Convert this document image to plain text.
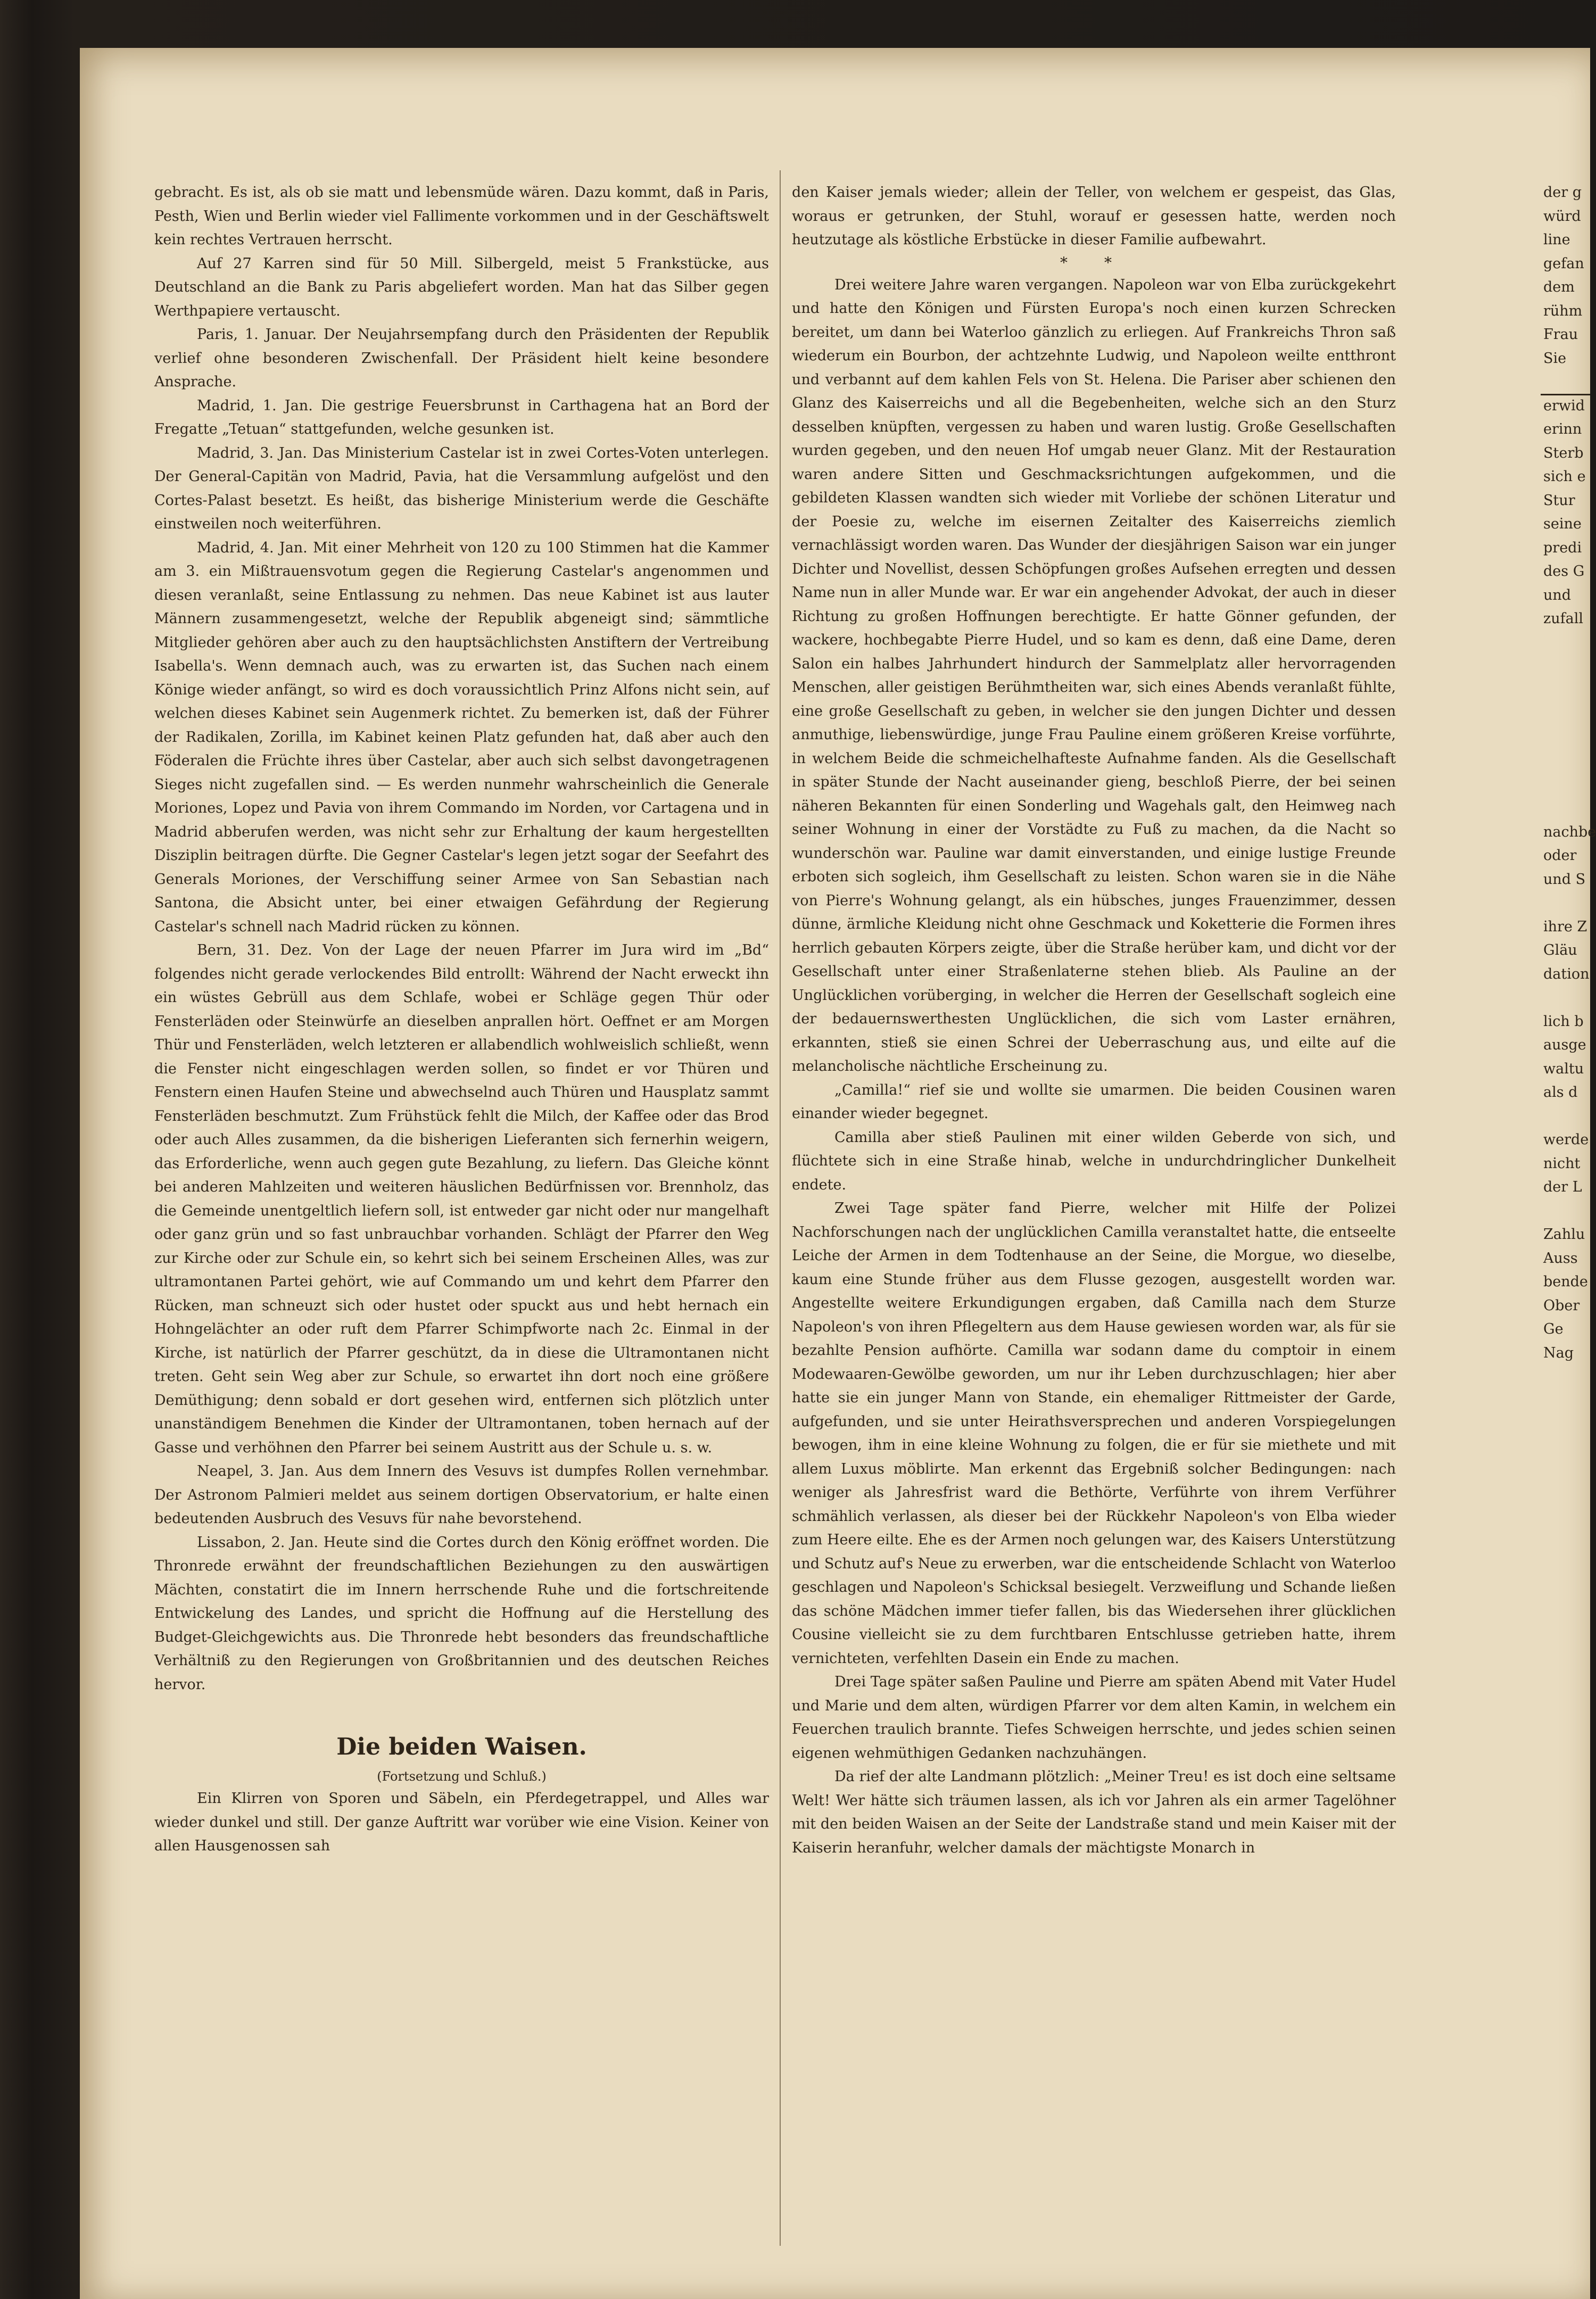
gebracht. Es ist, als ob sie matt und lebensmüde wären. Dazu kommt, daß in Paris, Pesth, Wien und Berlin wieder viel Fallimente vorkommen und in der Geschäftswelt kein rechtes Vertrauen herrscht.

Auf 27 Karren sind für 50 Mill. Silbergeld, meist 5 Frankstücke, aus Deutschland an die Bank zu Paris abgeliefert worden. Man hat das Silber gegen Werthpapiere vertauscht.

Paris, 1. Januar. Der Neujahrsempfang durch den Präsidenten der Republik verlief ohne besonderen Zwischenfall. Der Präsident hielt keine besondere Ansprache.

Madrid, 1. Jan. Die gestrige Feuersbrunst in Carthagena hat an Bord der Fregatte „Tetuan“ stattgefunden, welche gesunken ist.

Madrid, 3. Jan. Das Ministerium Castelar ist in zwei Cortes-Voten unterlegen. Der General-Capitän von Madrid, Pavia, hat die Versammlung aufgelöst und den Cortes-Palast besetzt. Es heißt, das bisherige Ministerium werde die Geschäfte einstweilen noch weiterführen.

Madrid, 4. Jan. Mit einer Mehrheit von 120 zu 100 Stimmen hat die Kammer am 3. ein Mißtrauensvotum gegen die Regierung Castelar's angenommen und diesen veranlaßt, seine Entlassung zu nehmen. Das neue Kabinet ist aus lauter Männern zusammengesetzt, welche der Republik abgeneigt sind; sämmtliche Mitglieder gehören aber auch zu den hauptsächlichsten Anstiftern der Vertreibung Isabella's. Wenn demnach auch, was zu erwarten ist, das Suchen nach einem Könige wieder anfängt, so wird es doch voraussichtlich Prinz Alfons nicht sein, auf welchen dieses Kabinet sein Augenmerk richtet. Zu bemerken ist, daß der Führer der Radikalen, Zorilla, im Kabinet keinen Platz gefunden hat, daß aber auch den Föderalen die Früchte ihres über Castelar, aber auch sich selbst davongetragenen Sieges nicht zugefallen sind. — Es werden nunmehr wahrscheinlich die Generale Moriones, Lopez und Pavia von ihrem Commando im Norden, vor Cartagena und in Madrid abberufen werden, was nicht sehr zur Erhaltung der kaum hergestellten Disziplin beitragen dürfte. Die Gegner Castelar's legen jetzt sogar der Seefahrt des Generals Moriones, der Verschiffung seiner Armee von San Sebastian nach Santona, die Absicht unter, bei einer etwaigen Gefährdung der Regierung Castelar's schnell nach Madrid rücken zu können.

Bern, 31. Dez. Von der Lage der neuen Pfarrer im Jura wird im „Bd“ folgendes nicht gerade verlockendes Bild entrollt: Während der Nacht erweckt ihn ein wüstes Gebrüll aus dem Schlafe, wobei er Schläge gegen Thür oder Fensterläden oder Steinwürfe an dieselben anprallen hört. Oeffnet er am Morgen Thür und Fensterläden, welch letzteren er allabendlich wohlweislich schließt, wenn die Fenster nicht eingeschlagen werden sollen, so findet er vor Thüren und Fenstern einen Haufen Steine und abwechselnd auch Thüren und Hausplatz sammt Fensterläden beschmutzt. Zum Frühstück fehlt die Milch, der Kaffee oder das Brod oder auch Alles zusammen, da die bisherigen Lieferanten sich fernerhin weigern, das Erforderliche, wenn auch gegen gute Bezahlung, zu liefern. Das Gleiche könnt bei anderen Mahlzeiten und weiteren häuslichen Bedürfnissen vor. Brennholz, das die Gemeinde unentgeltlich liefern soll, ist entweder gar nicht oder nur mangelhaft oder ganz grün und so fast unbrauchbar vorhanden. Schlägt der Pfarrer den Weg zur Kirche oder zur Schule ein, so kehrt sich bei seinem Erscheinen Alles, was zur ultramontanen Partei gehört, wie auf Commando um und kehrt dem Pfarrer den Rücken, man schneuzt sich oder hustet oder spuckt aus und hebt hernach ein Hohngelächter an oder ruft dem Pfarrer Schimpfworte nach 2c. Einmal in der Kirche, ist natürlich der Pfarrer geschützt, da in diese die Ultramontanen nicht treten. Geht sein Weg aber zur Schule, so erwartet ihn dort noch eine größere Demüthigung; denn sobald er dort gesehen wird, entfernen sich plötzlich unter unanständigem Benehmen die Kinder der Ultramontanen, toben hernach auf der Gasse und verhöhnen den Pfarrer bei seinem Austritt aus der Schule u. s. w.

Neapel, 3. Jan. Aus dem Innern des Vesuvs ist dumpfes Rollen vernehmbar. Der Astronom Palmieri meldet aus seinem dortigen Observatorium, er halte einen bedeutenden Ausbruch des Vesuvs für nahe bevorstehend.

Lissabon, 2. Jan. Heute sind die Cortes durch den König eröffnet worden. Die Thronrede erwähnt der freundschaftlichen Beziehungen zu den auswärtigen Mächten, constatirt die im Innern herrschende Ruhe und die fortschreitende Entwickelung des Landes, und spricht die Hoffnung auf die Herstellung des Budget-Gleichgewichts aus. Die Thronrede hebt besonders das freundschaftliche Verhältniß zu den Regierungen von Großbritannien und des deutschen Reiches hervor.

Die beiden Waisen.
(Fortsetzung und Schluß.)

Ein Klirren von Sporen und Säbeln, ein Pferdegetrappel, und Alles war wieder dunkel und still. Der ganze Auftritt war vorüber wie eine Vision. Keiner von allen Hausgenossen sah

den Kaiser jemals wieder; allein der Teller, von welchem er gespeist, das Glas, woraus er getrunken, der Stuhl, worauf er gesessen hatte, werden noch heutzutage als köstliche Erbstücke in dieser Familie aufbewahrt.

* *

Drei weitere Jahre waren vergangen. Napoleon war von Elba zurückgekehrt und hatte den Königen und Fürsten Europa's noch einen kurzen Schrecken bereitet, um dann bei Waterloo gänzlich zu erliegen. Auf Frankreichs Thron saß wiederum ein Bourbon, der achtzehnte Ludwig, und Napoleon weilte entthront und verbannt auf dem kahlen Fels von St. Helena. Die Pariser aber schienen den Glanz des Kaiserreichs und all die Begebenheiten, welche sich an den Sturz desselben knüpften, vergessen zu haben und waren lustig. Große Gesellschaften wurden gegeben, und den neuen Hof umgab neuer Glanz. Mit der Restauration waren andere Sitten und Geschmacksrichtungen aufgekommen, und die gebildeten Klassen wandten sich wieder mit Vorliebe der schönen Literatur und der Poesie zu, welche im eisernen Zeitalter des Kaiserreichs ziemlich vernachlässigt worden waren. Das Wunder der diesjährigen Saison war ein junger Dichter und Novellist, dessen Schöpfungen großes Aufsehen erregten und dessen Name nun in aller Munde war. Er war ein angehender Advokat, der auch in dieser Richtung zu großen Hoffnungen berechtigte. Er hatte Gönner gefunden, der wackere, hochbegabte Pierre Hudel, und so kam es denn, daß eine Dame, deren Salon ein halbes Jahrhundert hindurch der Sammelplatz aller hervorragenden Menschen, aller geistigen Berühmtheiten war, sich eines Abends veranlaßt fühlte, eine große Gesellschaft zu geben, in welcher sie den jungen Dichter und dessen anmuthige, liebenswürdige, junge Frau Pauline einem größeren Kreise vorführte, in welchem Beide die schmeichelhafteste Aufnahme fanden. Als die Gesellschaft in später Stunde der Nacht auseinander gieng, beschloß Pierre, der bei seinen näheren Bekannten für einen Sonderling und Wagehals galt, den Heimweg nach seiner Wohnung in einer der Vorstädte zu Fuß zu machen, da die Nacht so wunderschön war. Pauline war damit einverstanden, und einige lustige Freunde erboten sich sogleich, ihm Gesellschaft zu leisten. Schon waren sie in die Nähe von Pierre's Wohnung gelangt, als ein hübsches, junges Frauenzimmer, dessen dünne, ärmliche Kleidung nicht ohne Geschmack und Koketterie die Formen ihres herrlich gebauten Körpers zeigte, über die Straße herüber kam, und dicht vor der Gesellschaft unter einer Straßenlaterne stehen blieb. Als Pauline an der Unglücklichen vorüberging, in welcher die Herren der Gesellschaft sogleich eine der bedauernswerthesten Unglücklichen, die sich vom Laster ernähren, erkannten, stieß sie einen Schrei der Ueberraschung aus, und eilte auf die melancholische nächtliche Erscheinung zu.

„Camilla!“ rief sie und wollte sie umarmen. Die beiden Cousinen waren einander wieder begegnet.

Camilla aber stieß Paulinen mit einer wilden Geberde von sich, und flüchtete sich in eine Straße hinab, welche in undurchdringlicher Dunkelheit endete.

Zwei Tage später fand Pierre, welcher mit Hilfe der Polizei Nachforschungen nach der unglücklichen Camilla veranstaltet hatte, die entseelte Leiche der Armen in dem Todtenhause an der Seine, die Morgue, wo dieselbe, kaum eine Stunde früher aus dem Flusse gezogen, ausgestellt worden war. Angestellte weitere Erkundigungen ergaben, daß Camilla nach dem Sturze Napoleon's von ihren Pflegeltern aus dem Hause gewiesen worden war, als für sie bezahlte Pension aufhörte. Camilla war sodann dame du comptoir in einem Modewaaren-Gewölbe geworden, um nur ihr Leben durchzuschlagen; hier aber hatte sie ein junger Mann von Stande, ein ehemaliger Rittmeister der Garde, aufgefunden, und sie unter Heirathsversprechen und anderen Vorspiegelungen bewogen, ihm in eine kleine Wohnung zu folgen, die er für sie miethete und mit allem Luxus möblirte. Man erkennt das Ergebniß solcher Bedingungen: nach weniger als Jahresfrist ward die Bethörte, Verführte von ihrem Verführer schmählich verlassen, als dieser bei der Rückkehr Napoleon's von Elba wieder zum Heere eilte. Ehe es der Armen noch gelungen war, des Kaisers Unterstützung und Schutz auf's Neue zu erwerben, war die entscheidende Schlacht von Waterloo geschlagen und Napoleon's Schicksal besiegelt. Verzweiflung und Schande ließen das schöne Mädchen immer tiefer fallen, bis das Wiedersehen ihrer glücklichen Cousine vielleicht sie zu dem furchtbaren Entschlusse getrieben hatte, ihrem vernichteten, verfehlten Dasein ein Ende zu machen.

Drei Tage später saßen Pauline und Pierre am späten Abend mit Vater Hudel und Marie und dem alten, würdigen Pfarrer vor dem alten Kamin, in welchem ein Feuerchen traulich brannte. Tiefes Schweigen herrschte, und jedes schien seinen eigenen wehmüthigen Gedanken nachzuhängen.

Da rief der alte Landmann plötzlich: „Meiner Treu! es ist doch eine seltsame Welt! Wer hätte sich träumen lassen, als ich vor Jahren als ein armer Tagelöhner mit den beiden Waisen an der Seite der Landstraße stand und mein Kaiser mit der Kaiserin heranfuhr, welcher damals der mächtigste Monarch in

der g
würd
line
gefan
dem
rühm
Frau
Sie
erwid
erinn
Sterb
sich e
Stur
seine
predi
des G
und
zufall
nachbe
oder
und S
ihre Z
Gläu
dation
lich b
ausge
waltu
als d
werde
nicht
der L
Zahlu
Auss
bende
Ober
Ge
Nag
